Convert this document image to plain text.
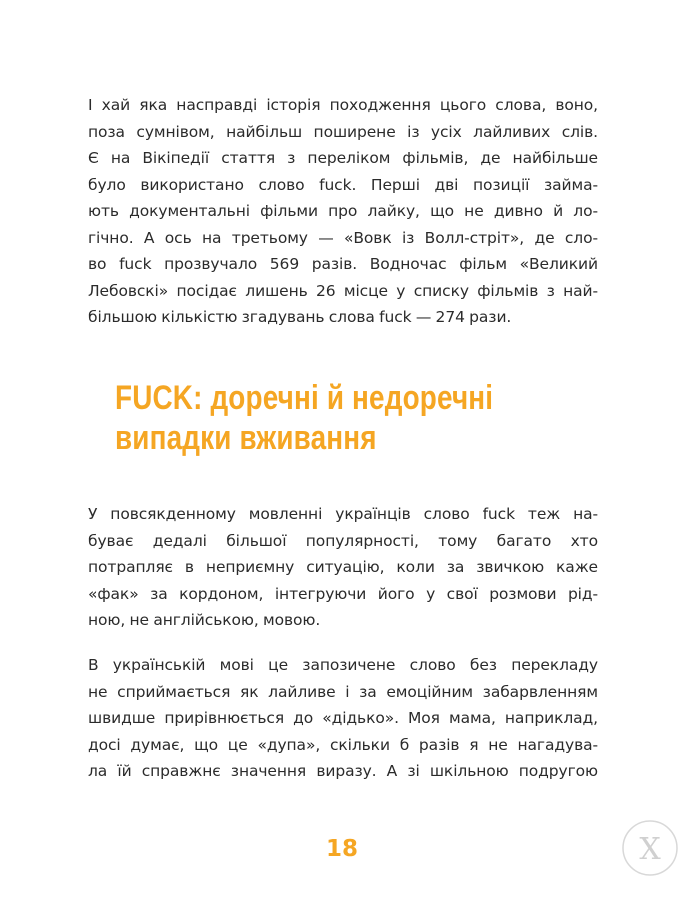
І хай яка насправді історія походження цього слова, воно,
поза сумнівом, найбільш поширене із усіх лайливих слів.
Є на Вікіпедії стаття з переліком фільмів, де найбільше
було використано слово fuck. Перші дві позиції займа-
ють документальні фільми про лайку, що не дивно й ло-
гічно. А ось на третьому — «Вовк із Волл-стріт», де сло-
во fuck прозвучало 569 разів. Водночас фільм «Великий
Лебовскі» посідає лишень 26 місце у списку фільмів з най-
більшою кількістю згадувань слова fuck — 274 рази.

FUCK: доречні й недоречні
випадки вживання

У повсякденному мовленні українців слово fuck теж на-
буває дедалі більшої популярності, тому багато хто
потрапляє в неприємну ситуацію, коли за звичкою каже
«фак» за кордоном, інтегруючи його у свої розмови рід-
ною, не англійською, мовою.

В українській мові це запозичене слово без перекладу
не сприймається як лайливе і за емоційним забарвленням
швидше прирівнюється до «дідько». Моя мама, наприклад,
досі думає, що це «дупа», скільки б разів я не нагадува-
ла їй справжнє значення виразу. А зі шкільною подругою

18	Х
